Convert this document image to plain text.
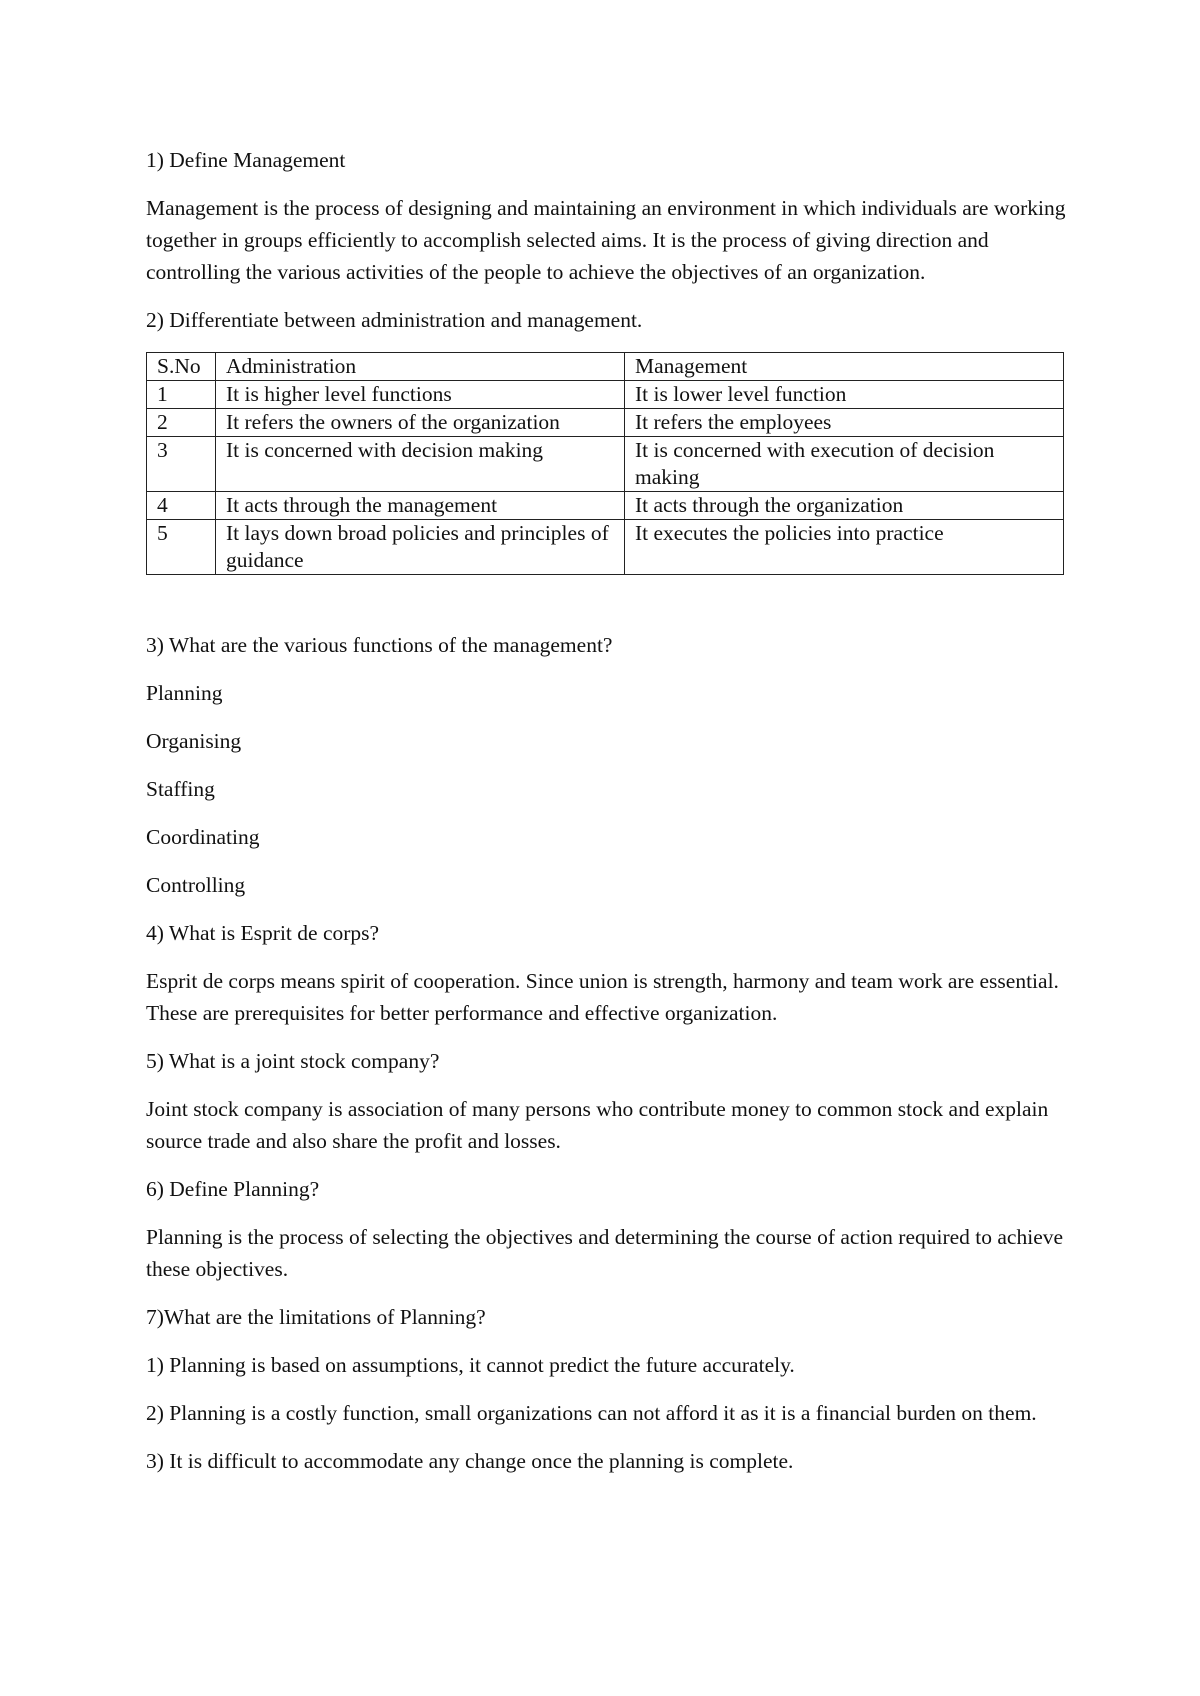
1) Define Management

Management is the process of designing and maintaining an environment in which individuals are working together in groups efficiently to accomplish selected aims. It is the process of giving direction and controlling the various activities of the people to achieve the objectives of an organization.

2) Differentiate between administration and management.

S.No	Administration	Management
1	It is higher level functions	It is lower level function
2	It refers the owners of the organization	It refers the employees
3	It is concerned with decision making	It is concerned with execution of decision making
4	It acts through the management	It acts through the organization
5	It lays down broad policies and principles of guidance	It executes the policies into practice

3) What are the various functions of the management?

Planning

Organising

Staffing

Coordinating

Controlling

4) What is Esprit de corps?

Esprit de corps means spirit of cooperation. Since union is strength, harmony and team work are essential. These are prerequisites for better performance and effective organization.

5) What is a joint stock company?

Joint stock company is association of many persons who contribute money to common stock and explain source trade and also share the profit and losses.

6) Define Planning?

Planning is the process of selecting the objectives and determining the course of action required to achieve these objectives.

7)What are the limitations of Planning?

1) Planning is based on assumptions, it cannot predict the future accurately.

2) Planning is a costly function, small organizations can not afford it as it is a financial burden on them.

3) It is difficult to accommodate any change once the planning is complete.
